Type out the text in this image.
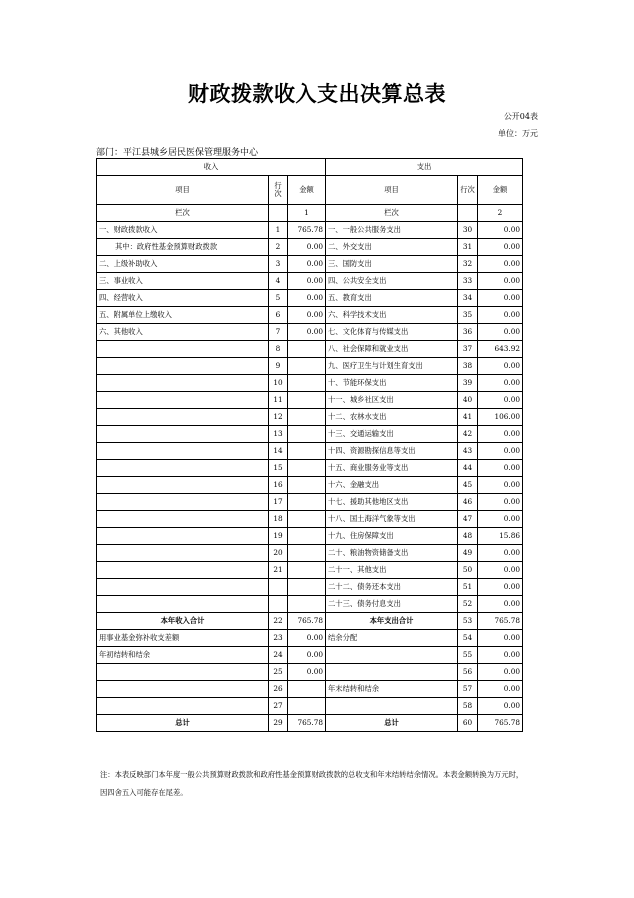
财政拨款收入支出决算总表
公开04表
单位：万元
部门：平江县城乡居民医保管理服务中心
收入			支出		
项目	行次	金额	项目	行次	金额
栏次		1	栏次		2
一、财政拨款收入	1	765.78	一、一般公共服务支出	30	0.00
其中：政府性基金预算财政拨款	2	0.00	二、外交支出	31	0.00
二、上级补助收入	3	0.00	三、国防支出	32	0.00
三、事业收入	4	0.00	四、公共安全支出	33	0.00
四、经营收入	5	0.00	五、教育支出	34	0.00
五、附属单位上缴收入	6	0.00	六、科学技术支出	35	0.00
六、其他收入	7	0.00	七、文化体育与传媒支出	36	0.00
	8		八、社会保障和就业支出	37	643.92
	9		九、医疗卫生与计划生育支出	38	0.00
	10		十、节能环保支出	39	0.00
	11		十一、城乡社区支出	40	0.00
	12		十二、农林水支出	41	106.00
	13		十三、交通运输支出	42	0.00
	14		十四、资源勘探信息等支出	43	0.00
	15		十五、商业服务业等支出	44	0.00
	16		十六、金融支出	45	0.00
	17		十七、援助其他地区支出	46	0.00
	18		十八、国土海洋气象等支出	47	0.00
	19		十九、住房保障支出	48	15.86
	20		二十、粮油物资储备支出	49	0.00
	21		二十一、其他支出	50	0.00
			二十二、债务还本支出	51	0.00
			二十三、债务付息支出	52	0.00
本年收入合计	22	765.78	本年支出合计	53	765.78
用事业基金弥补收支差额	23	0.00	结余分配	54	0.00
年初结转和结余	24	0.00		55	0.00
	25	0.00		56	0.00
	26		年末结转和结余	57	0.00
	27			58	0.00
总计	29	765.78	总计	60	765.78
注：本表反映部门本年度一般公共预算财政拨款和政府性基金预算财政拨款的总收支和年末结转结余情况。本表金额转换为万元时，因四舍五入可能存在尾差。
